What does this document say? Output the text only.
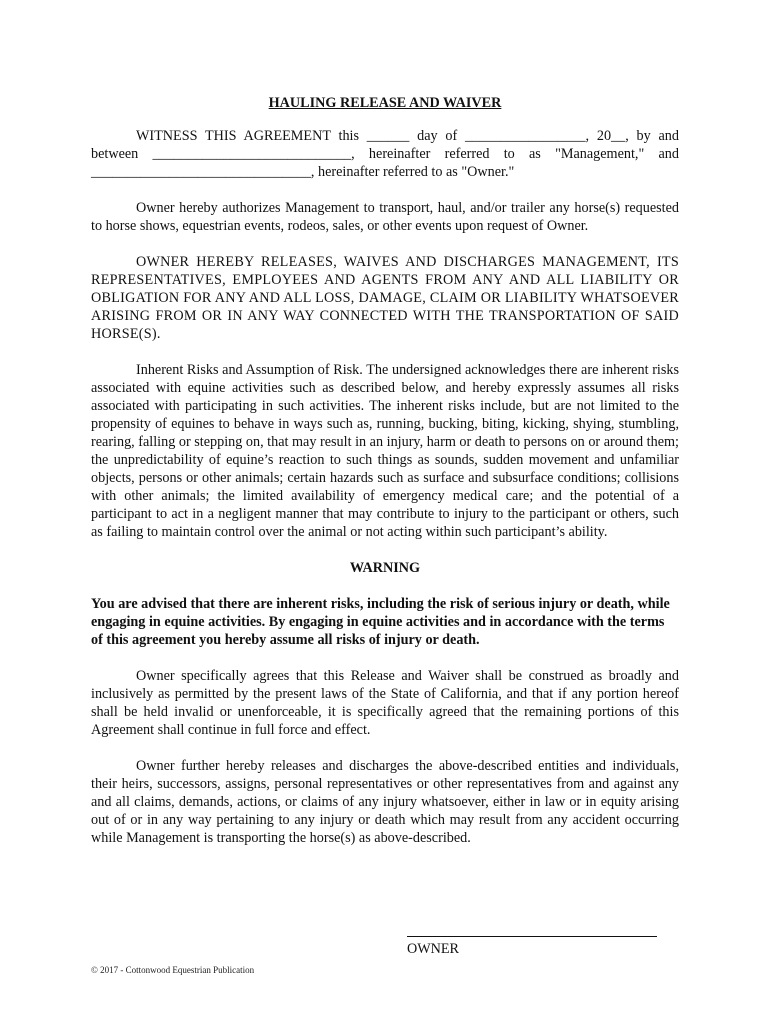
HAULING RELEASE AND WAIVER

WITNESS THIS AGREEMENT this ______ day of _________________, 20__, by and between ____________________________, hereinafter referred to as "Management," and _______________________________, hereinafter referred to as "Owner."

Owner hereby authorizes Management to transport, haul, and/or trailer any horse(s) requested to horse shows, equestrian events, rodeos, sales, or other events upon request of Owner.

OWNER HEREBY RELEASES, WAIVES AND DISCHARGES MANAGEMENT, ITS REPRESENTATIVES, EMPLOYEES AND AGENTS FROM ANY AND ALL LIABILITY OR OBLIGATION FOR ANY AND ALL LOSS, DAMAGE, CLAIM OR LIABILITY WHATSOEVER ARISING FROM OR IN ANY WAY CONNECTED WITH THE TRANSPORTATION OF SAID HORSE(S).

Inherent Risks and Assumption of Risk. The undersigned acknowledges there are inherent risks associated with equine activities such as described below, and hereby expressly assumes all risks associated with participating in such activities. The inherent risks include, but are not limited to the propensity of equines to behave in ways such as, running, bucking, biting, kicking, shying, stumbling, rearing, falling or stepping on, that may result in an injury, harm or death to persons on or around them; the unpredictability of equine’s reaction to such things as sounds, sudden movement and unfamiliar objects, persons or other animals; certain hazards such as surface and subsurface conditions; collisions with other animals; the limited availability of emergency medical care; and the potential of a participant to act in a negligent manner that may contribute to injury to the participant or others, such as failing to maintain control over the animal or not acting within such participant’s ability.

WARNING

You are advised that there are inherent risks, including the risk of serious injury or death, while engaging in equine activities. By engaging in equine activities and in accordance with the terms of this agreement you hereby assume all risks of injury or death.

Owner specifically agrees that this Release and Waiver shall be construed as broadly and inclusively as permitted by the present laws of the State of California, and that if any portion hereof shall be held invalid or unenforceable, it is specifically agreed that the remaining portions of this Agreement shall continue in full force and effect.

Owner further hereby releases and discharges the above-described entities and individuals, their heirs, successors, assigns, personal representatives or other representatives from and against any and all claims, demands, actions, or claims of any injury whatsoever, either in law or in equity arising out of or in any way pertaining to any injury or death which may result from any accident occurring while Management is transporting the horse(s) as above-described.

OWNER
© 2017 - Cottonwood Equestrian Publication
